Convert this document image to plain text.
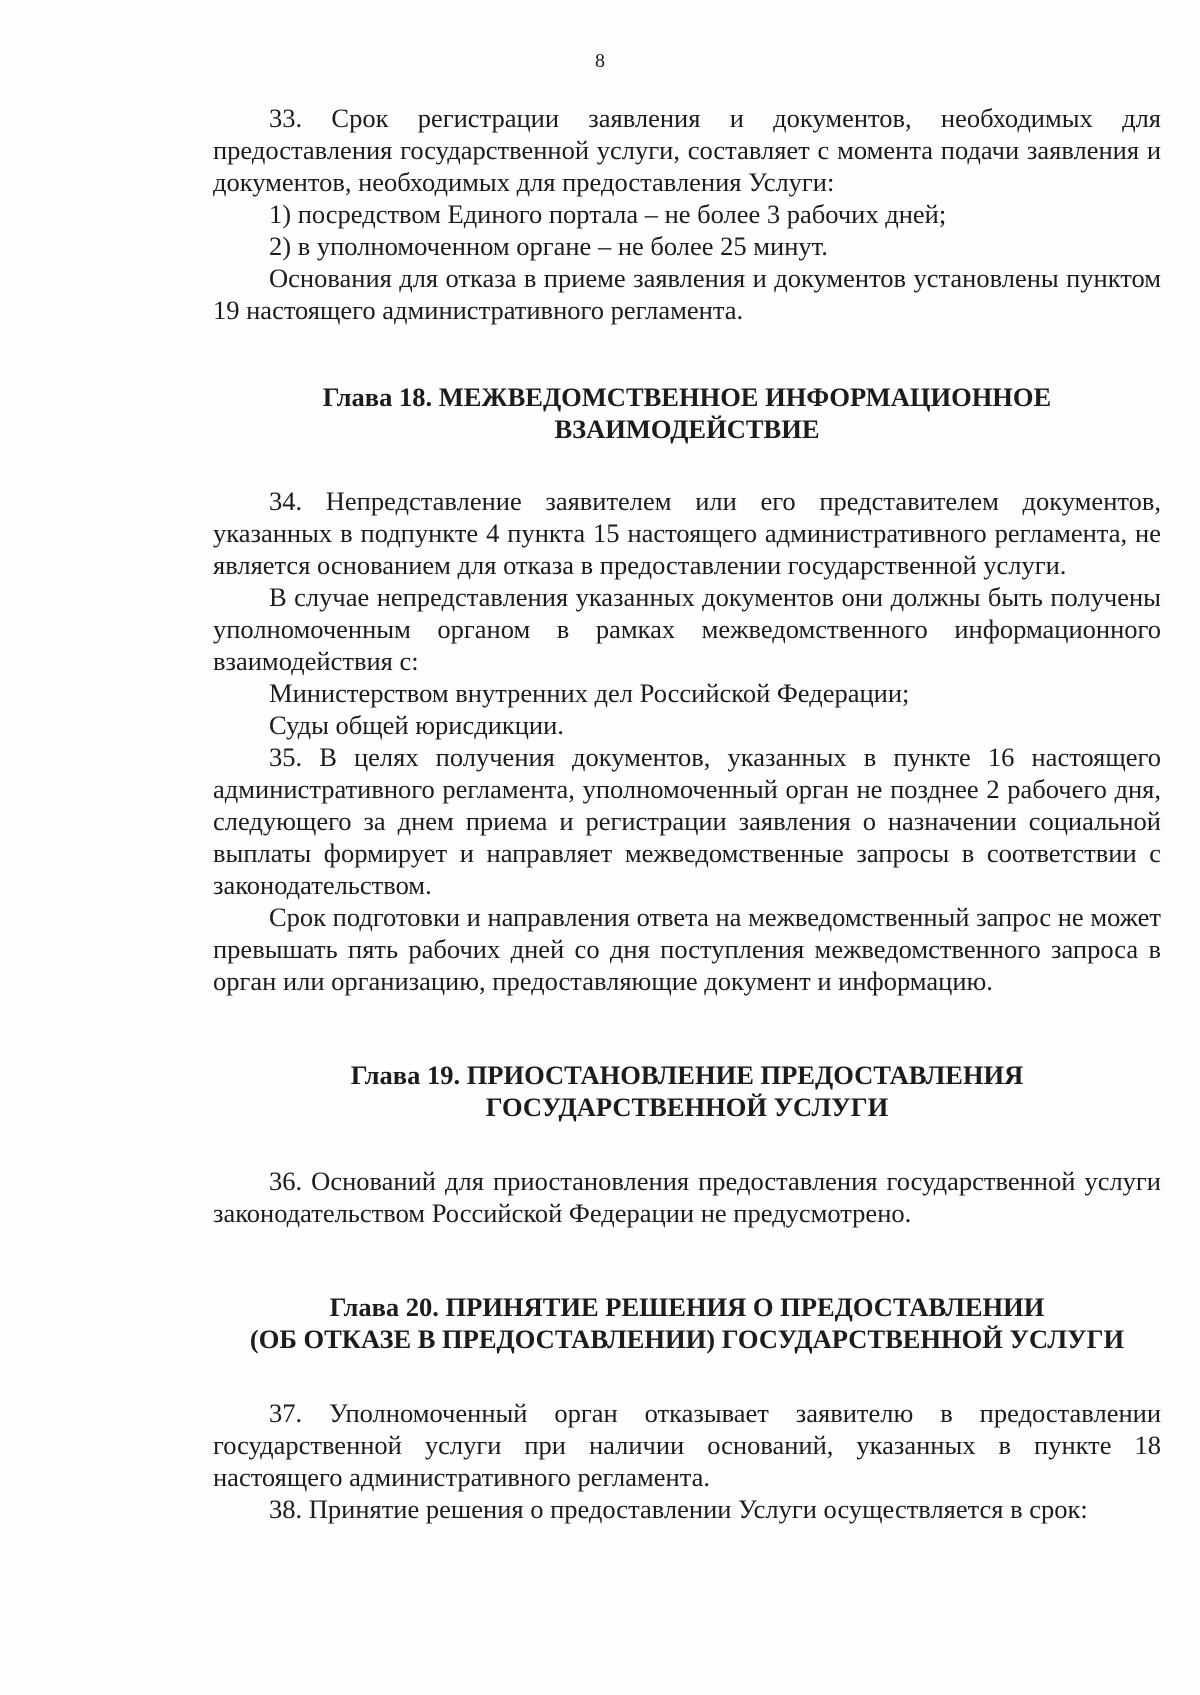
8

33. Срок регистрации заявления и документов, необходимых для предоставления государственной услуги, составляет с момента подачи заявления и документов, необходимых для предоставления Услуги:

1) посредством Единого портала – не более 3 рабочих дней;

2) в уполномоченном органе – не более 25 минут.

Основания для отказа в приеме заявления и документов установлены пунктом 19 настоящего административного регламента.

Глава 18. МЕЖВЕДОМСТВЕННОЕ ИНФОРМАЦИОННОЕ
ВЗАИМОДЕЙСТВИЕ

34. Непредставление заявителем или его представителем документов, указанных в подпункте 4 пункта 15 настоящего административного регламента, не является основанием для отказа в предоставлении государственной услуги.

В случае непредставления указанных документов они должны быть получены уполномоченным органом в рамках межведомственного информационного взаимодействия с:

Министерством внутренних дел Российской Федерации;

Суды общей юрисдикции.

35. В целях получения документов, указанных в пункте 16 настоящего административного регламента, уполномоченный орган не позднее 2 рабочего дня, следующего за днем приема и регистрации заявления о назначении социальной выплаты формирует и направляет межведомственные запросы в соответствии с законодательством.

Срок подготовки и направления ответа на межведомственный запрос не может превышать пять рабочих дней со дня поступления межведомственного запроса в орган или организацию, предоставляющие документ и информацию.

Глава 19. ПРИОСТАНОВЛЕНИЕ ПРЕДОСТАВЛЕНИЯ
ГОСУДАРСТВЕННОЙ УСЛУГИ

36. Оснований для приостановления предоставления государственной услуги законодательством Российской Федерации не предусмотрено.

Глава 20. ПРИНЯТИЕ РЕШЕНИЯ О ПРЕДОСТАВЛЕНИИ
(ОБ ОТКАЗЕ В ПРЕДОСТАВЛЕНИИ) ГОСУДАРСТВЕННОЙ УСЛУГИ

37. Уполномоченный орган отказывает заявителю в предоставлении государственной услуги при наличии оснований, указанных в пункте 18 настоящего административного регламента.

38. Принятие решения о предоставлении Услуги осуществляется в срок:
